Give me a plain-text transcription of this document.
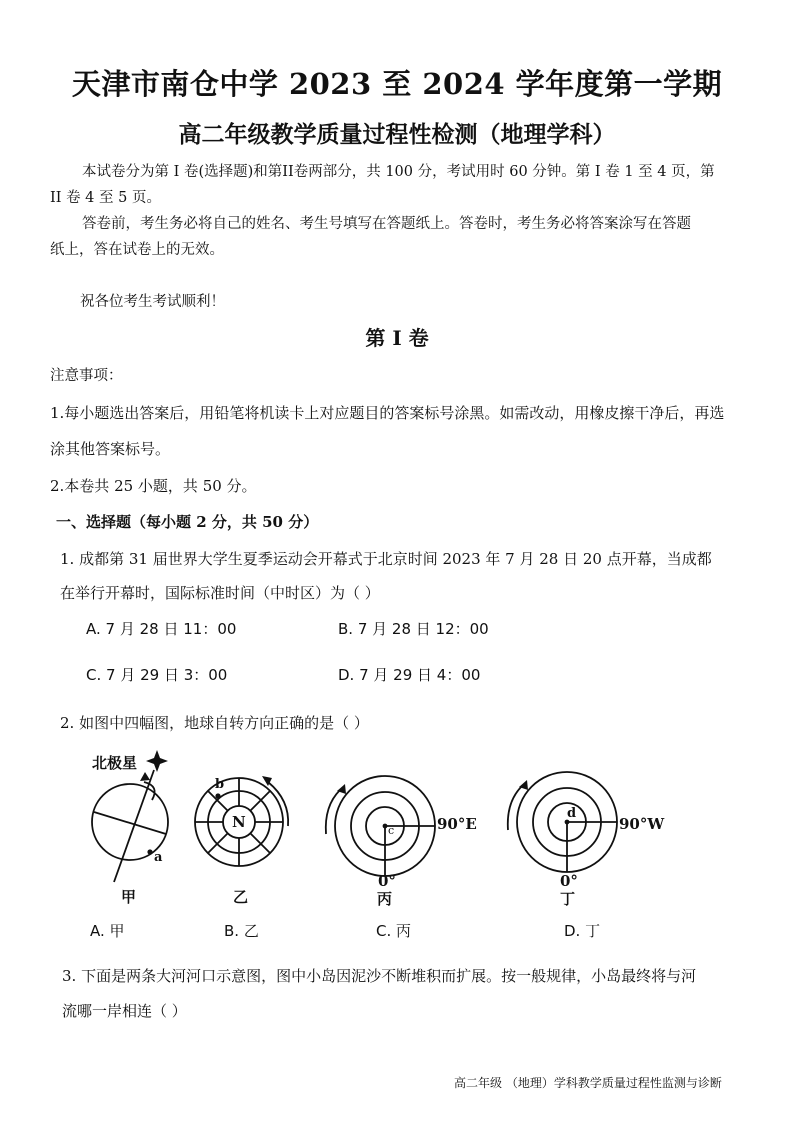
天津市南仓中学 2023 至 2024 学年度第一学期
高二年级教学质量过程性检测（地理学科）
本试卷分为第 I 卷(选择题)和第II卷两部分，共 100 分，考试用时 60 分钟。第 I 卷 1 至 4 页，第
II 卷 4 至 5 页。
答卷前，考生务必将自己的姓名、考生号填写在答题纸上。答卷时，考生务必将答案涂写在答题
纸上，答在试卷上的无效。
祝各位考生考试顺利！
第 I 卷
注意事项：
1.每小题选出答案后，用铅笔将机读卡上对应题目的答案标号涂黑。如需改动，用橡皮擦干净后，再选
涂其他答案标号。
2.本卷共 25 小题，共 50 分。
一、选择题（每小题 2 分，共 50 分）
1. 成都第 31 届世界大学生夏季运动会开幕式于北京时间 2023 年 7 月 28 日 20 点开幕，当成都
在举行开幕时，国际标准时间（中时区）为（ ）
A. 7 月 28 日 11：00	B. 7 月 28 日 12：00
C. 7 月 29 日 3：00	D. 7 月 29 日 4：00
2. 如图中四幅图，地球自转方向正确的是（ ）
北极星
a
b
N	c
d
90°E	90°W
0°	0°
甲	乙	丙	丁
A. 甲	B. 乙	C. 丙	D. 丁
3. 下面是两条大河河口示意图，图中小岛因泥沙不断堆积而扩展。按一般规律，小岛最终将与河
流哪一岸相连（ ）
高二年级 （地理）学科教学质量过程性监测与诊断
